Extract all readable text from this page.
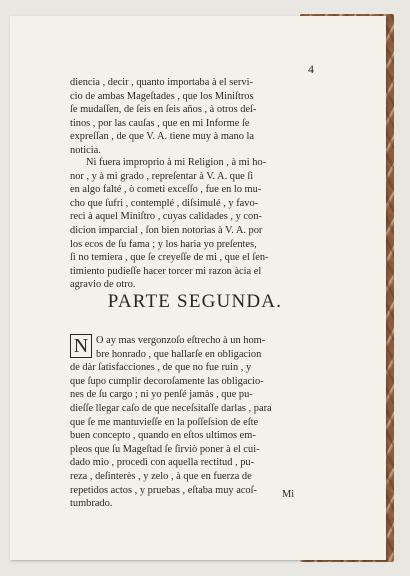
4
diencia , decir , quanto importaba à el servi-
cio de ambas Mageſtades , que los Miniſtros
ſe mudaſſen, de ſeis en ſeis años , à otros deſ-
tinos , por las cauſas , que en mi Informe ſe
expreſſan , de que V. A. tiene muy à mano la
noticia.
Ni fuera improprio à mi Religion , à mi ho-
nor , y à mi grado , repreſentar à V. A. que ſi
en algo falté , ò cometi exceſſo , fue en lo mu-
cho que ſufri , contemplé , diſsimulé , y favo-
recì à aquel Miniſtro , cuyas calidades , y con-
dicion imparcial , ſon bien notorias à V. A. por
los ecos de ſu fama ; y los haria yo preſentes,
ſi no temiera , que ſe creyeſſe de mi , que el ſen-
timiento pudieſſe hacer torcer mi razon àcia el
agravio de otro.
PARTE SEGUNDA.
N O ay mas vergonzoſo eſtrecho à un hom-
bre honrado , que hallarſe en obligacion
de dàr ſatisfacciones , de que no fue ruin , y
que ſupo cumplir decoroſamente las obligacio-
nes de ſu cargo ; ni yo penſé jamàs , que pu-
dieſſe llegar caſo de que neceſsitaſſe darlas , para
que ſe me mantuvieſſe en la poſſeſsion de eſte
buen concepto , quando en eſtos ultimos em-
pleos que ſu Mageſtad ſe ſirviò poner à el cui-
dado mio , procedì con aquella rectitud , pu-
reza , deſinterès , y zelo , à que en fuerza de
repetidos actos , y pruebas , eſtaba muy acoſ-
tumbrado.
Mi
